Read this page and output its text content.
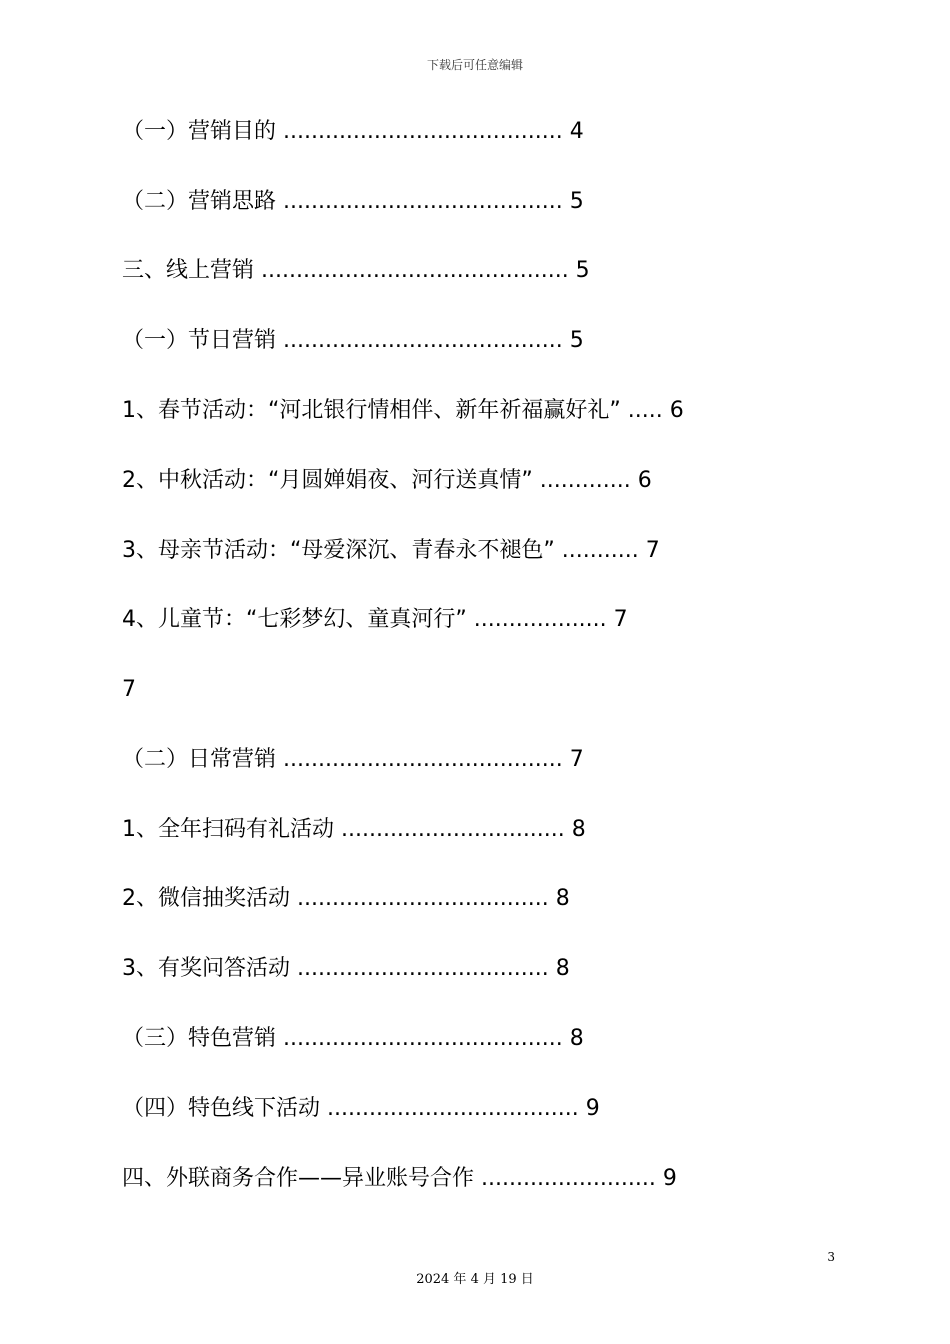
下载后可任意编辑
（一）营销目的 ........................................ 4
（二）营销思路 ........................................ 5
三、线上营销 ............................................ 5
（一）节日营销 ........................................ 5
1、春节活动：“河北银行情相伴、新年祈福赢好礼” ..... 6
2、中秋活动：“月圆婵娟夜、河行送真情” ............. 6
3、母亲节活动：“母爱深沉、青春永不褪色” ........... 7
4、儿童节：“七彩梦幻、童真河行” ................... 7
7
（二）日常营销 ........................................ 7
1、全年扫码有礼活动 ................................ 8
2、微信抽奖活动 .................................... 8
3、有奖问答活动 .................................... 8
（三）特色营销 ........................................ 8
（四）特色线下活动 .................................... 9
四、外联商务合作——异业账号合作 ......................... 9
3
2024 年 4 月 19 日
